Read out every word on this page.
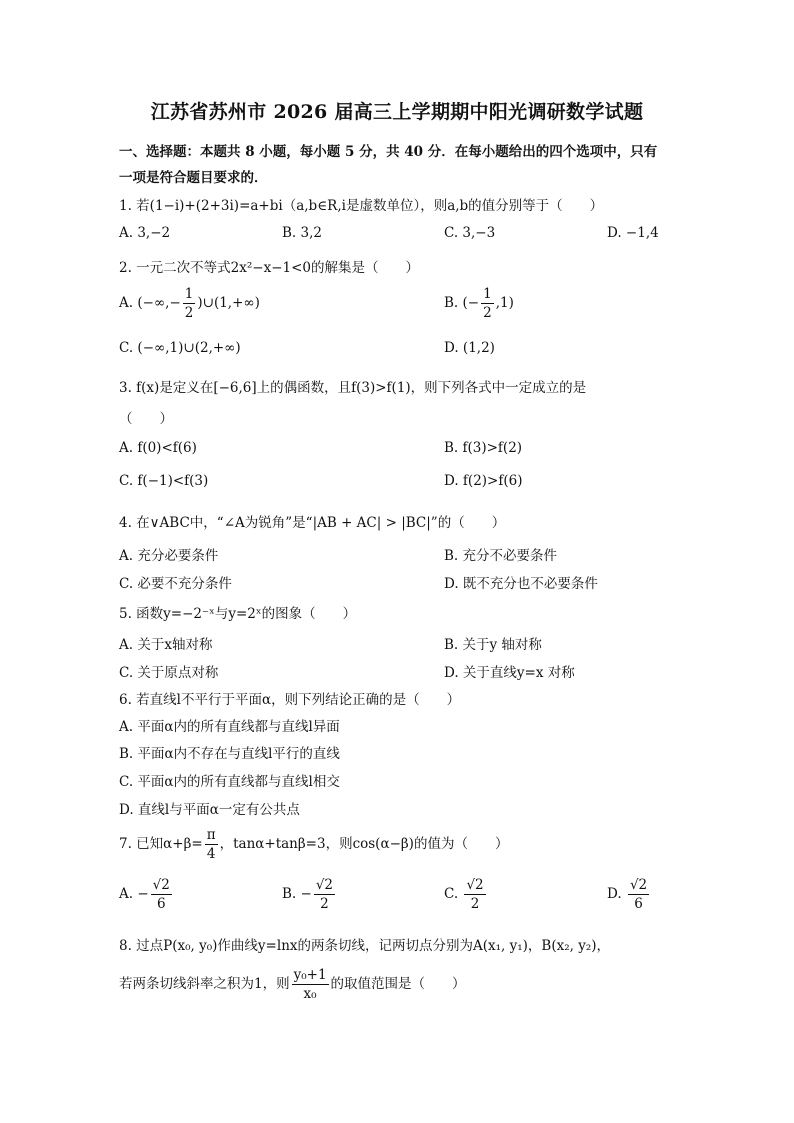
江苏省苏州市 2026 届高三上学期期中阳光调研数学试题
一、选择题：本题共 8 小题，每小题 5 分，共 40 分．在每小题给出的四个选项中，只有
一项是符合题目要求的．
1. 若(1−i)+(2+3i)=a+bi（a,b∈R,i是虚数单位），则a,b的值分别等于（　　）
A. 3,−2	B. 3,2	C. 3,−3	D. −1,4
2. 一元二次不等式2x²−x−1<0的解集是（　　）
A. (−∞,− $\frac{1}{2}$ )∪(1,+∞)	B. (− $\frac{1}{2} ,1$)
C. (−∞,1)∪(2,+∞)	D. (1,2)
3. f(x)是定义在[−6,6]上的偶函数，且f(3)>f(1)，则下列各式中一定成立的是
（　　）
A. f(0)<f(6)	B. f(3)>f(2)
C. f(−1)<f(3)	D. f(2)>f(6)
4. 在∨ABC中，“∠A为锐角”是“|AB + AC| > |BC|”的（　　）
A. 充分必要条件	B. 充分不必要条件
C. 必要不充分条件	D. 既不充分也不必要条件
5. 函数y=−2⁻ˣ与y=2ˣ的图象（　　）
A. 关于x轴对称	B. 关于y 轴对称
C. 关于原点对称	D. 关于直线y=x 对称
6. 若直线l不平行于平面α，则下列结论正确的是（　　）
A. 平面α内的所有直线都与直线l异面
B. 平面α内不存在与直线l平行的直线
C. 平面α内的所有直线都与直线l相交
D. 直线l与平面α一定有公共点
7. 已知$\alpha+\beta= \frac{\pi}{4}$ ，tanα+tanβ=3，则cos(α−β)的值为（　　）
A. − $\frac{√2}{6}$	B. − $\frac{√2}{2}$	C. $\frac{√2}{2}$	D. $\frac{√2}{6}$
8. 过点P(x₀, y₀)作曲线y=lnx的两条切线，记两切点分别为A(x₁, y₁)，B(x₂, y₂)，
若两条切线斜率之积为1，则 $\frac{\text{y₀+1}}{\text{x₀}}$ 的取值范围是（　　）
